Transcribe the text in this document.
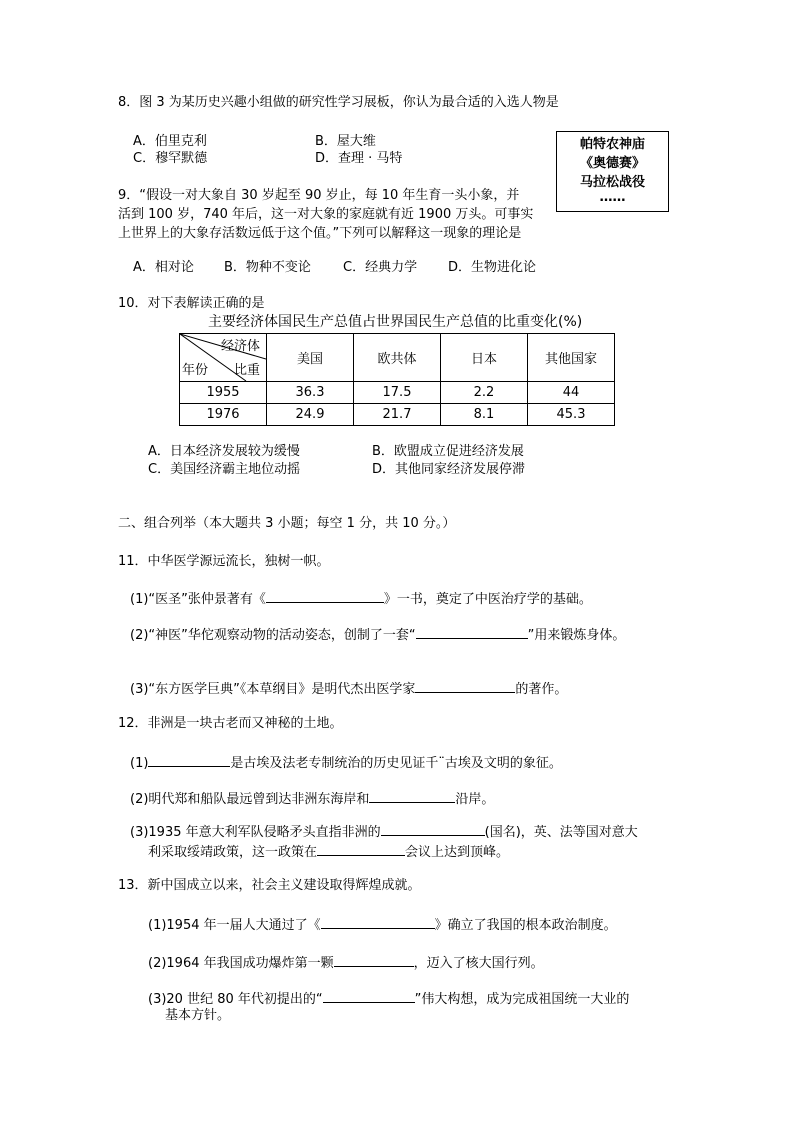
8．图 3 为某历史兴趣小组做的研究性学习展板，你认为最合适的入选人物是
A．伯里克利	B．屋大维
C．穆罕默德	D．查理 · 马特
帕特农神庙
《奥德赛》
马拉松战役
……
9．“假设一对大象自 30 岁起至 90 岁止，每 10 年生育一头小象，并
活到 100 岁，740 年后，这一对大象的家庭就有近 1900 万头。可事实
上世界上的大象存活数远低于这个值。”下列可以解释这一现象的理论是
A．相对论 B．物种不变论 C．经典力学 D．生物进化论
10．对下表解读正确的是
主要经济体国民生产总值占世界国民生产总值的比重变化(%)
经济体
年份 比重	美国	欧共体	日本	其他国家
1955	36.3	17.5	2.2	44
1976	24.9	21.7	8.1	45.3
A．日本经济发展较为缓慢	B．欧盟成立促进经济发展
C．美国经济霸主地位动摇	D．其他同家经济发展停滞
二、组合列举（本大题共 3 小题；每空 1 分，共 10 分。）
11．中华医学源远流长，独树一帜。
(1)“医圣”张仲景著有《	》一书，奠定了中医治疗学的基础。
(2)“神医”华佗观察动物的活动姿态，创制了一套“	”用来锻炼身体。
(3)“东方医学巨典”《本草纲目》是明代杰出医学家	的著作。
12．非洲是一块古老而又神秘的土地。
(1)	是古埃及法老专制统治的历史见证千¨古埃及文明的象征。
(2)明代郑和船队最远曾到达非洲东海岸和	沿岸。
(3)1935 年意大利军队侵略矛头直指非洲的	(国名)，英、法等国对意大
利采取绥靖政策，这一政策在	会议上达到顶峰。
13．新中国成立以来，社会主义建设取得辉煌成就。
(1)1954 年一届人大通过了《	》确立了我国的根本政治制度。
(2)1964 年我国成功爆炸第一颗	，迈入了核大国行列。
(3)20 世纪 80 年代初提出的“	”伟大构想，成为完成祖国统一大业的
基本方针。
